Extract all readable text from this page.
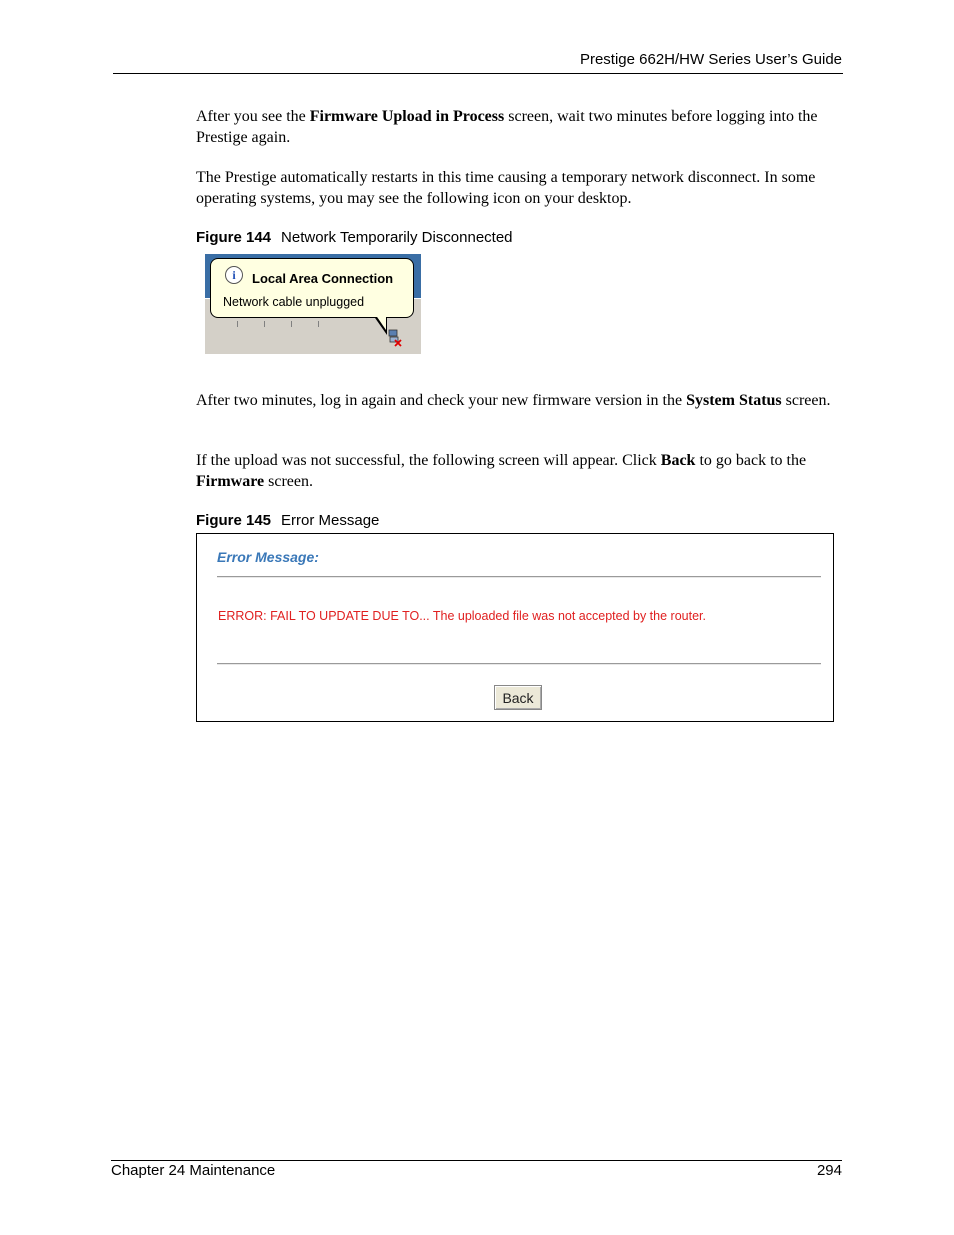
Prestige 662H/HW Series User’s Guide

After you see the Firmware Upload in Process screen, wait two minutes before logging into the Prestige again.

The Prestige automatically restarts in this time causing a temporary network disconnect. In some operating systems, you may see the following icon on your desktop.

Figure 144 Network Temporarily Disconnected
i	Local Area Connection
Network cable unplugged

After two minutes, log in again and check your new firmware version in the System Status screen.

If the upload was not successful, the following screen will appear. Click Back to go back to the Firmware screen.

Figure 145 Error Message
Error Message:
ERROR: FAIL TO UPDATE DUE TO... The uploaded file was not accepted by the router.
Back
Chapter 24 Maintenance	294
